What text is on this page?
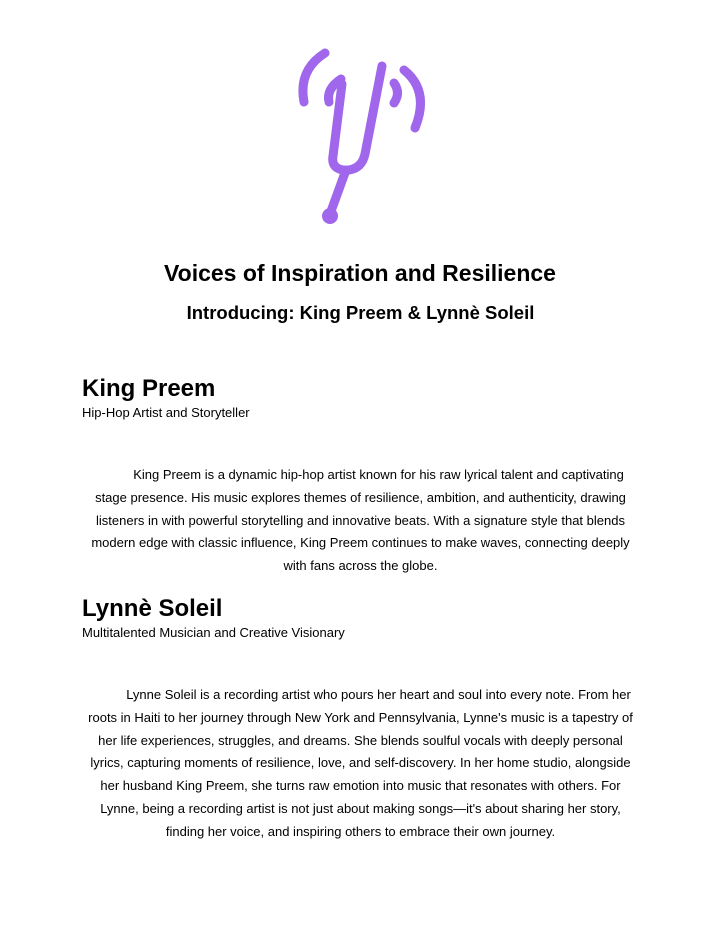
Voices of Inspiration and Resilience
Introducing: King Preem & Lynnè Soleil
King Preem

Hip-Hop Artist and Storyteller

King Preem is a dynamic hip-hop artist known for his raw lyrical talent and captivating stage presence. His music explores themes of resilience, ambition, and authenticity, drawing listeners in with powerful storytelling and innovative beats. With a signature style that blends modern edge with classic influence, King Preem continues to make waves, connecting deeply with fans across the globe.

Lynnè Soleil

Multitalented Musician and Creative Visionary

Lynne Soleil is a recording artist who pours her heart and soul into every note. From her roots in Haiti to her journey through New York and Pennsylvania, Lynne's music is a tapestry of her life experiences, struggles, and dreams. She blends soulful vocals with deeply personal lyrics, capturing moments of resilience, love, and self-discovery. In her home studio, alongside her husband King Preem, she turns raw emotion into music that resonates with others. For Lynne, being a recording artist is not just about making songs—it's about sharing her story, finding her voice, and inspiring others to embrace their own journey.
